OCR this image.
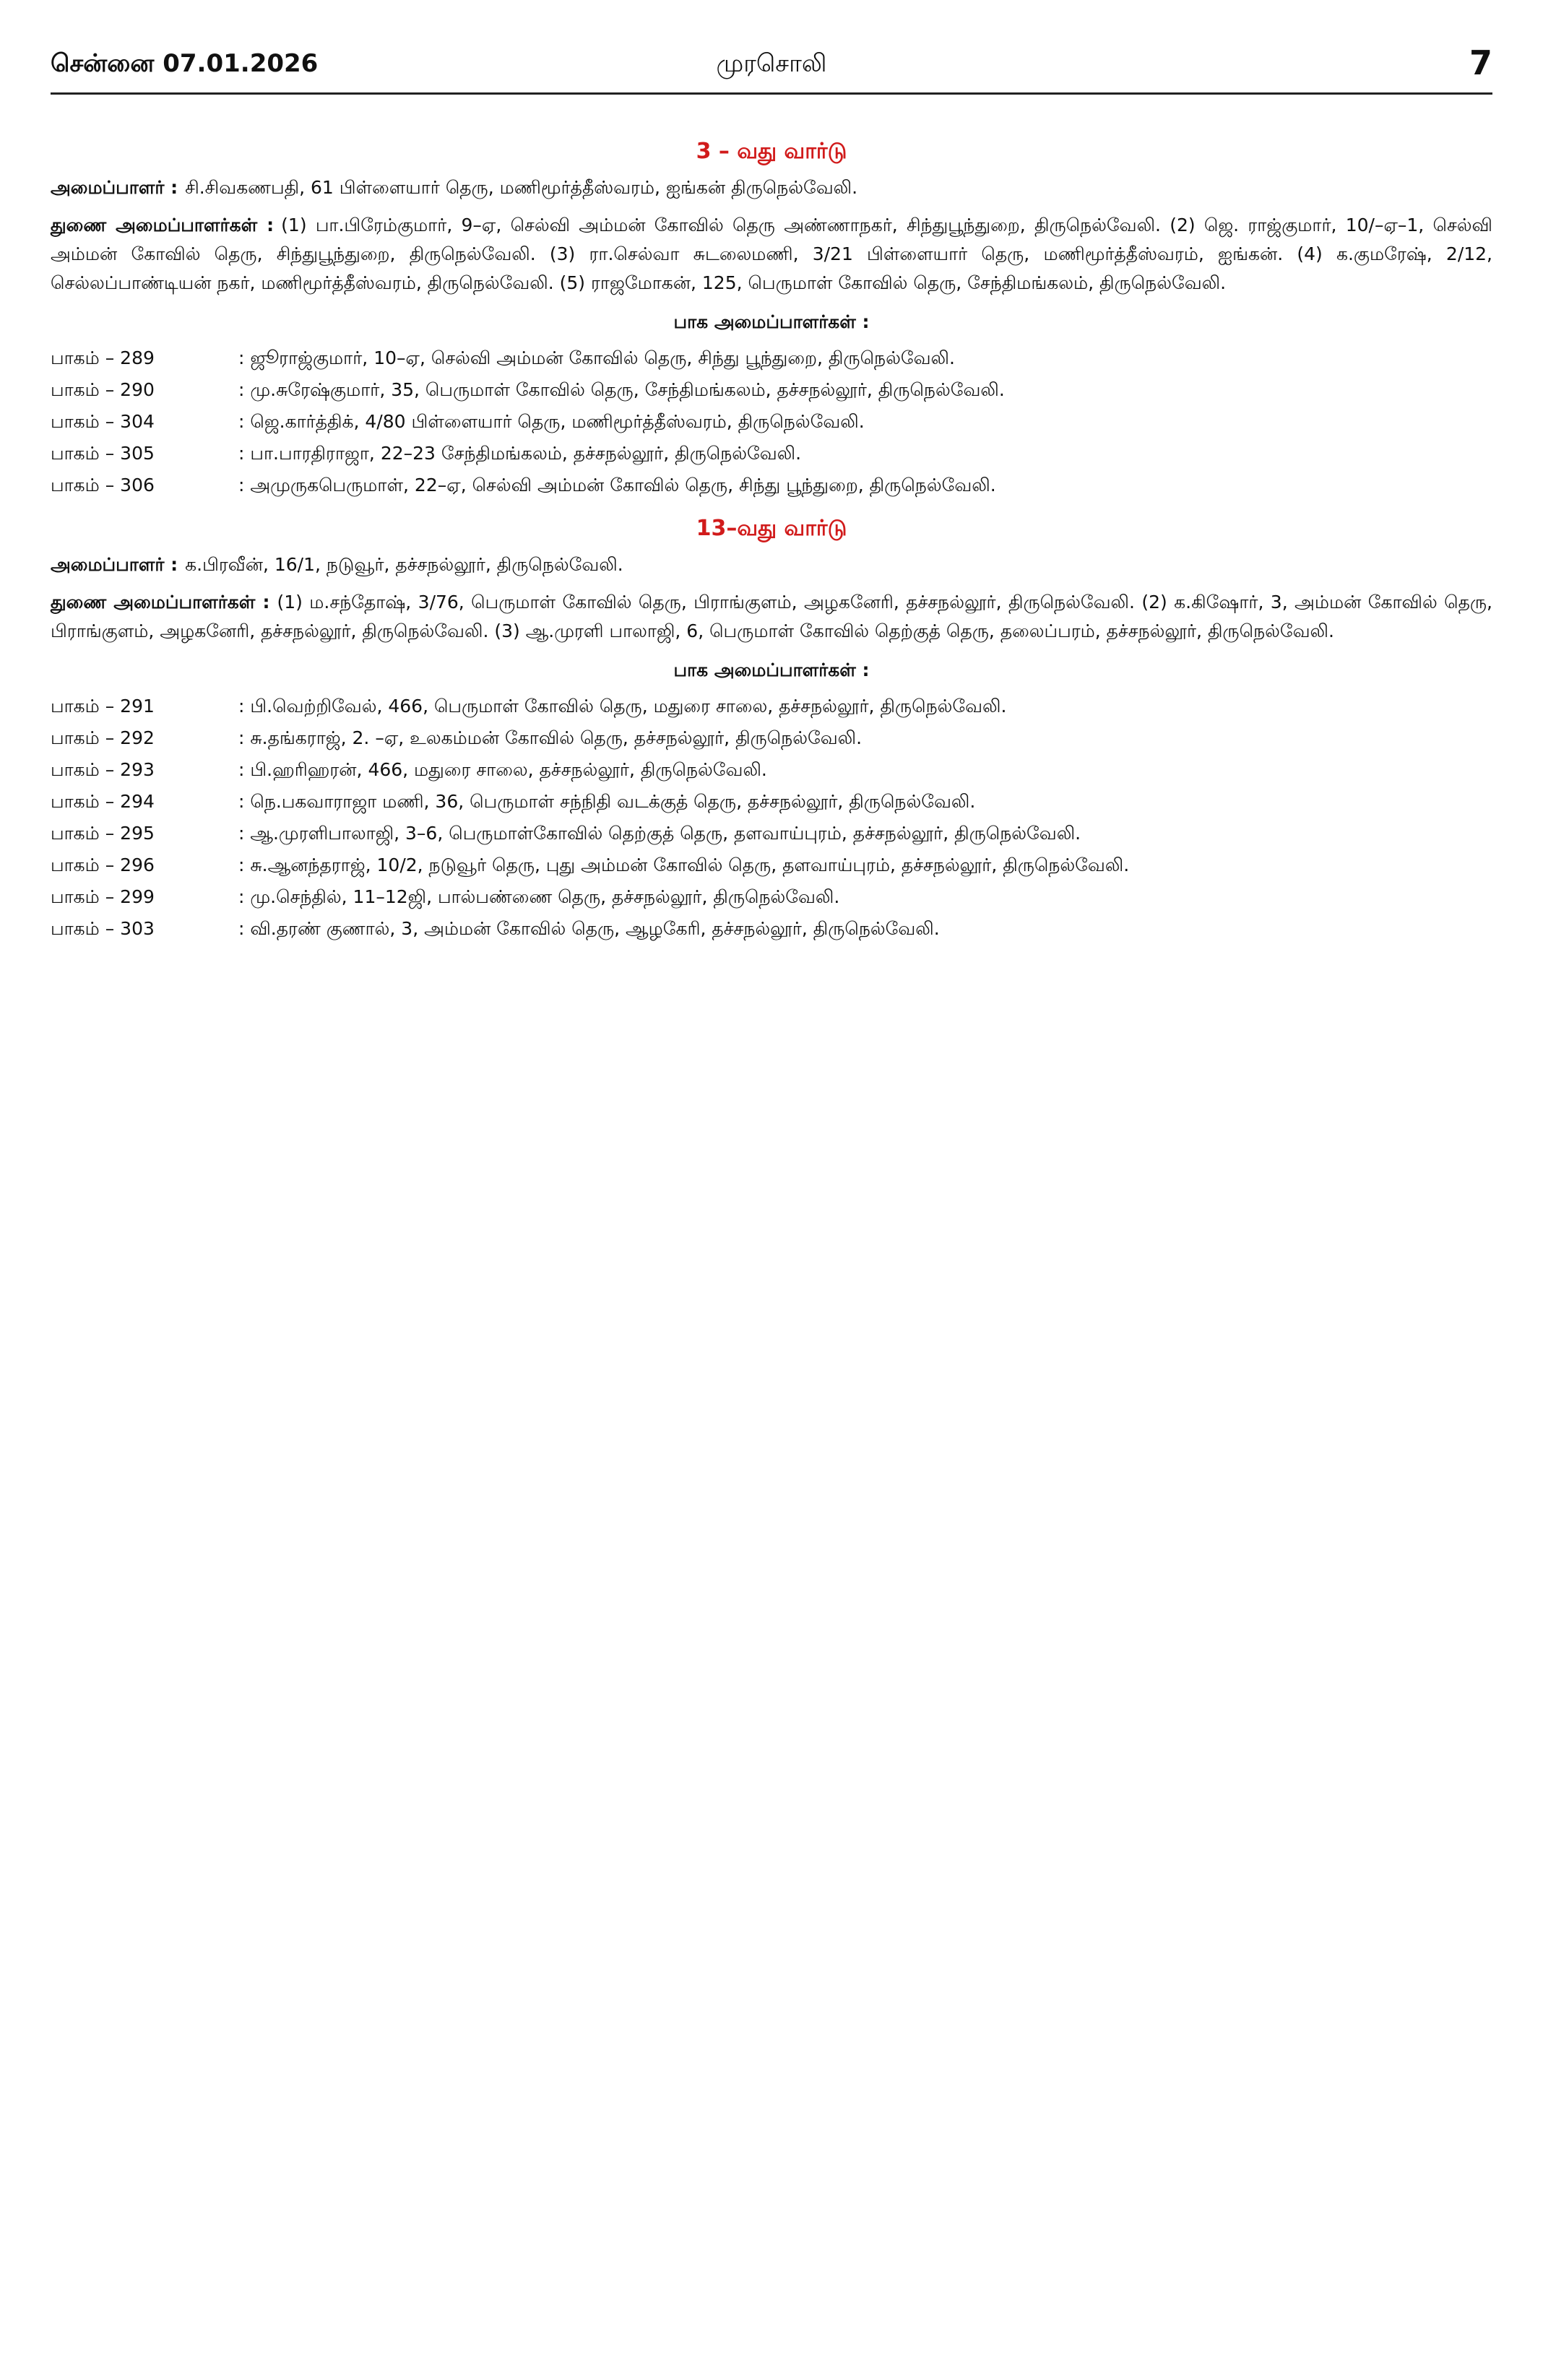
சென்னை 07.01.2026	முரசொலி	7
3 – வது வார்டு

அமைப்பாளர் : சி.சிவகணபதி, 61 பிள்ளையார் தெரு, மணிமூர்த்தீஸ்வரம், ஐங்கன் திருநெல்வேலி.

துணை அமைப்பாளர்கள் : (1) பா.பிரேம்குமார், 9–ஏ, செல்வி அம்மன் கோவில் தெரு அண்ணாநகர், சிந்துபூந்துறை, திருநெல்வேலி. (2) ஜெ. ராஜ்குமார், 10/–ஏ–1, செல்வி அம்மன் கோவில் தெரு, சிந்துபூந்துறை, திருநெல்வேலி. (3) ரா.செல்வா சுடலைமணி, 3/21 பிள்ளையார் தெரு, மணிமூர்த்தீஸ்வரம், ஐங்கன். (4) க.குமரேஷ், 2/12, செல்லப்பாண்டியன் நகர், மணிமூர்த்தீஸ்வரம், திருநெல்வேலி. (5) ராஜமோகன், 125, பெருமாள் கோவில் தெரு, சேந்திமங்கலம், திருநெல்வேலி.

பாக அமைப்பாளர்கள் :
பாகம் – 289	: ஜூராஜ்குமார், 10–ஏ, செல்வி அம்மன் கோவில் தெரு, சிந்து பூந்துறை, திருநெல்வேலி.
பாகம் – 290	: மு.சுரேஷ்குமார், 35, பெருமாள் கோவில் தெரு, சேந்திமங்கலம், தச்சநல்லூர், திருநெல்வேலி.
பாகம் – 304	: ஜெ.கார்த்திக், 4/80 பிள்ளையார் தெரு, மணிமூர்த்தீஸ்வரம், திருநெல்வேலி.
பாகம் – 305	: பா.பாரதிராஜா, 22–23 சேந்திமங்கலம், தச்சநல்லூர், திருநெல்வேலி.
பாகம் – 306	: அமுருகபெருமாள், 22–ஏ, செல்வி அம்மன் கோவில் தெரு, சிந்து பூந்துறை, திருநெல்வேலி.
13–வது வார்டு

அமைப்பாளர் : க.பிரவீன், 16/1, நடுவூர், தச்சநல்லூர், திருநெல்வேலி.

துணை அமைப்பாளர்கள் : (1) ம.சந்தோஷ், 3/76, பெருமாள் கோவில் தெரு, பிராங்குளம், அழகனேரி, தச்சநல்லூர், திருநெல்வேலி. (2) க.கிஷோர், 3, அம்மன் கோவில் தெரு, பிராங்குளம், அழகனேரி, தச்சநல்லூர், திருநெல்வேலி. (3) ஆ.முரளி பாலாஜி, 6, பெருமாள் கோவில் தெற்குத் தெரு, தலைப்பரம், தச்சநல்லூர், திருநெல்வேலி.

பாக அமைப்பாளர்கள் :
பாகம் – 291	: பி.வெற்றிவேல், 466, பெருமாள் கோவில் தெரு, மதுரை சாலை, தச்சநல்லூர், திருநெல்வேலி.
பாகம் – 292	: சு.தங்கராஜ், 2. –ஏ, உலகம்மன் கோவில் தெரு, தச்சநல்லூர், திருநெல்வேலி.
பாகம் – 293	: பி.ஹரிஹரன், 466, மதுரை சாலை, தச்சநல்லூர், திருநெல்வேலி.
பாகம் – 294	: நெ.பகவாராஜா மணி, 36, பெருமாள் சந்நிதி வடக்குத் தெரு, தச்சநல்லூர், திருநெல்வேலி.
பாகம் – 295	: ஆ.முரளிபாலாஜி, 3–6, பெருமாள்கோவில் தெற்குத் தெரு, தளவாய்புரம், தச்சநல்லூர், திருநெல்வேலி.
பாகம் – 296	: சு.ஆனந்தராஜ், 10/2, நடுவூர் தெரு, புது அம்மன் கோவில் தெரு, தளவாய்புரம், தச்சநல்லூர், திருநெல்வேலி.
பாகம் – 299	: மு.செந்தில், 11–12ஜி, பால்பண்ணை தெரு, தச்சநல்லூர், திருநெல்வேலி.
பாகம் – 303	: வி.தரண் குணால், 3, அம்மன் கோவில் தெரு, ஆழகேரி, தச்சநல்லூர், திருநெல்வேலி.
